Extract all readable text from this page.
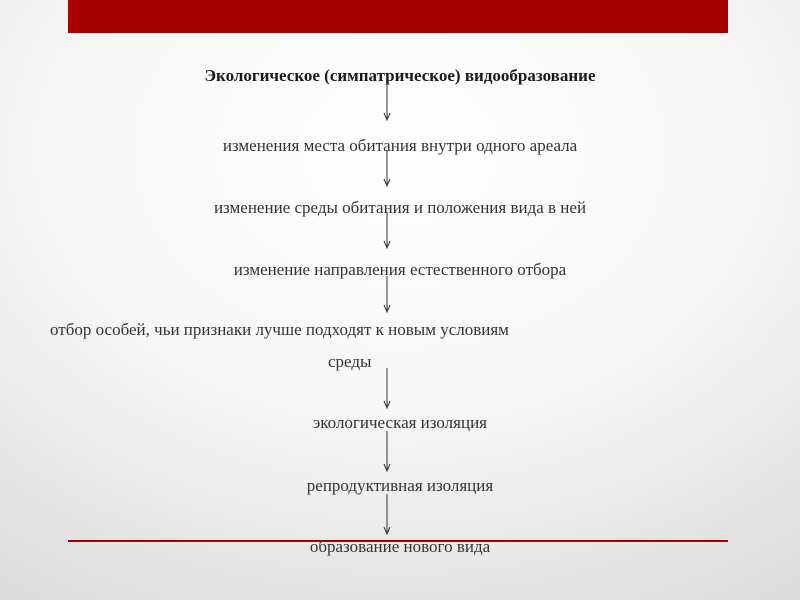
Экологическое (симпатрическое) видообразование
изменения места обитания внутри одного ареала
изменение среды обитания и положения вида в ней
изменение направления естественного отбора
отбор особей, чьи признаки лучше подходят к новым условиям
среды
экологическая изоляция
репродуктивная изоляция
образование нового вида
